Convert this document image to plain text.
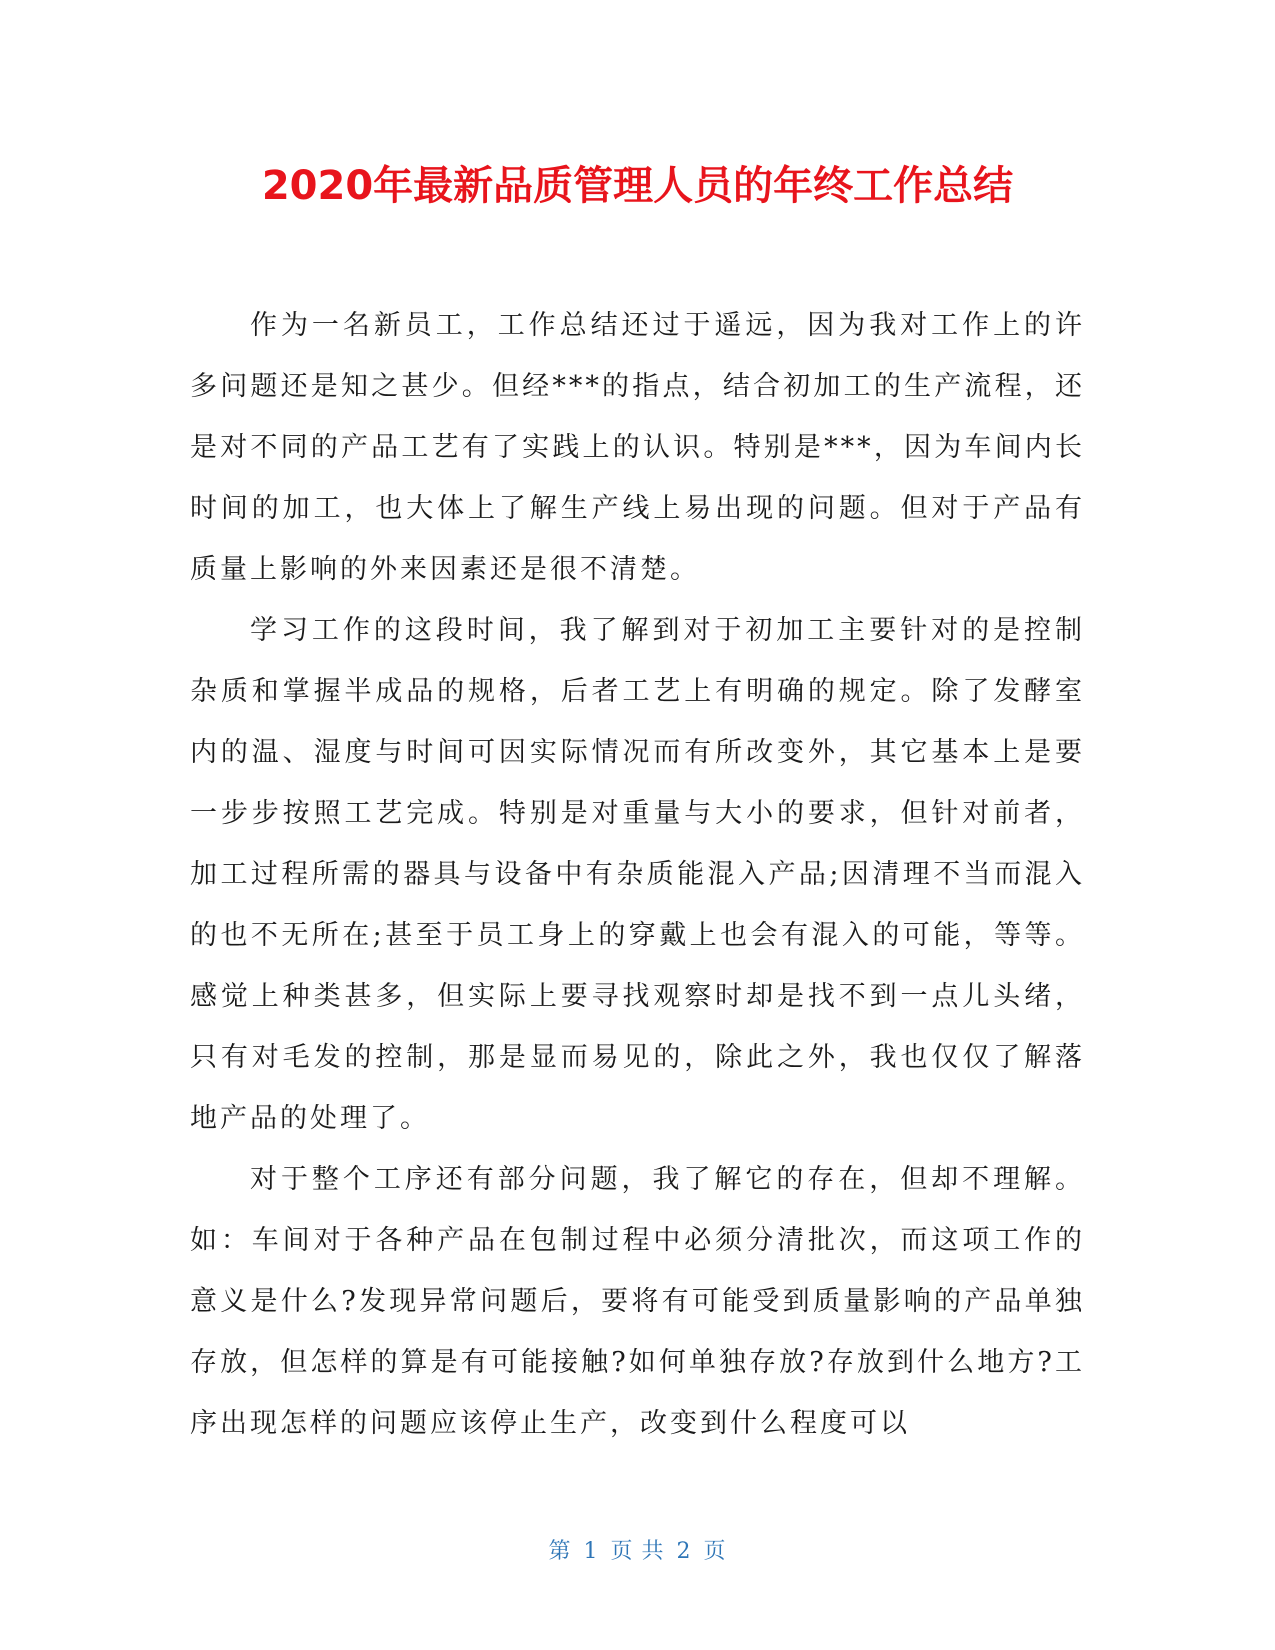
2020年最新品质管理人员的年终工作总结

作为一名新员工，工作总结还过于遥远，因为我对工作上的许多问题还是知之甚少。但经***的指点，结合初加工的生产流程，还是对不同的产品工艺有了实践上的认识。特别是***，因为车间内长时间的加工，也大体上了解生产线上易出现的问题。但对于产品有质量上影响的外来因素还是很不清楚。

学习工作的这段时间，我了解到对于初加工主要针对的是控制杂质和掌握半成品的规格，后者工艺上有明确的规定。除了发酵室内的温、湿度与时间可因实际情况而有所改变外，其它基本上是要一步步按照工艺完成。特别是对重量与大小的要求，但针对前者，加工过程所需的器具与设备中有杂质能混入产品;因清理不当而混入的也不无所在;甚至于员工身上的穿戴上也会有混入的可能，等等。感觉上种类甚多，但实际上要寻找观察时却是找不到一点儿头绪，只有对毛发的控制，那是显而易见的，除此之外，我也仅仅了解落地产品的处理了。

对于整个工序还有部分问题，我了解它的存在，但却不理解。如：车间对于各种产品在包制过程中必须分清批次，而这项工作的意义是什么?发现异常问题后，要将有可能受到质量影响的产品单独存放，但怎样的算是有可能接触?如何单独存放?存放到什么地方?工序出现怎样的问题应该停止生产，改变到什么程度可以

第 1 页 共 2 页
